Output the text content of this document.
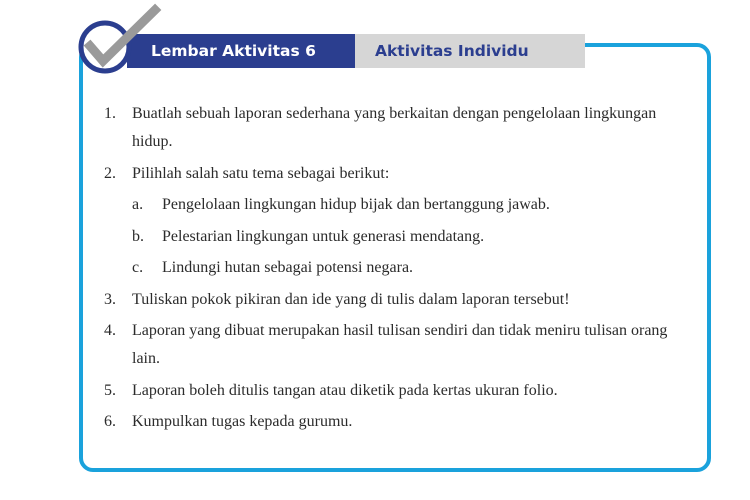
Lembar Aktivitas 6	Aktivitas Individu
1.	Buatlah sebuah laporan sederhana yang berkaitan dengan pengelolaan lingkungan hidup.
2.	Pilihlah salah satu tema sebagai berikut:
a.	Pengelolaan lingkungan hidup bijak dan bertanggung jawab.
b.	Pelestarian lingkungan untuk generasi mendatang.
c.	Lindungi hutan sebagai potensi negara.
3.	Tuliskan pokok pikiran dan ide yang di tulis dalam laporan tersebut!
4.	Laporan yang dibuat merupakan hasil tulisan sendiri dan tidak meniru tulisan orang lain.
5.	Laporan boleh ditulis tangan atau diketik pada kertas ukuran folio.
6.	Kumpulkan tugas kepada gurumu.
